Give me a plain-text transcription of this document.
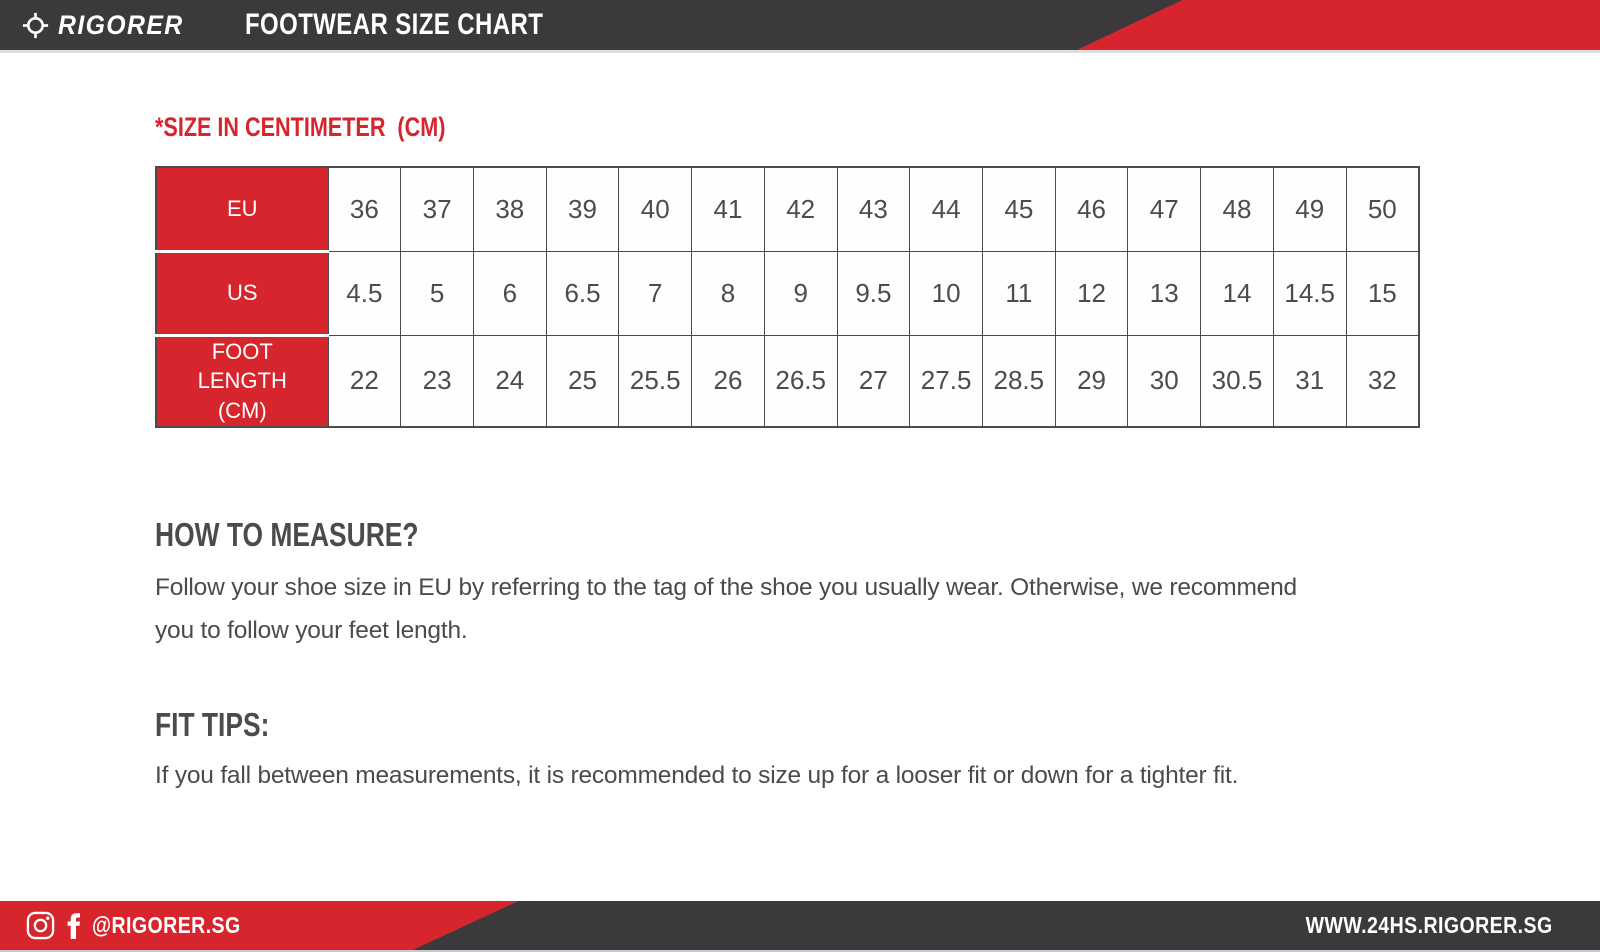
RIGORER FOOTWEAR SIZE CHART
*SIZE IN CENTIMETER  (CM)
EU	36	37	38	39	40	41	42	43	44	45	46	47	48	49	50
US	4.5	5	6	6.5	7	8	9	9.5	10	11	12	13	14	14.5	15
FOOT LENGTH (CM)	22	23	24	25	25.5	26	26.5	27	27.5	28.5	29	30	30.5	31	32
HOW TO MEASURE?
Follow your shoe size in EU by referring to the tag of the shoe you usually wear. Otherwise, we recommend you to follow your feet length.
FIT TIPS:
If you fall between measurements, it is recommended to size up for a looser fit or down for a tighter fit.
@RIGORER.SG	WWW.24HS.RIGORER.SG
